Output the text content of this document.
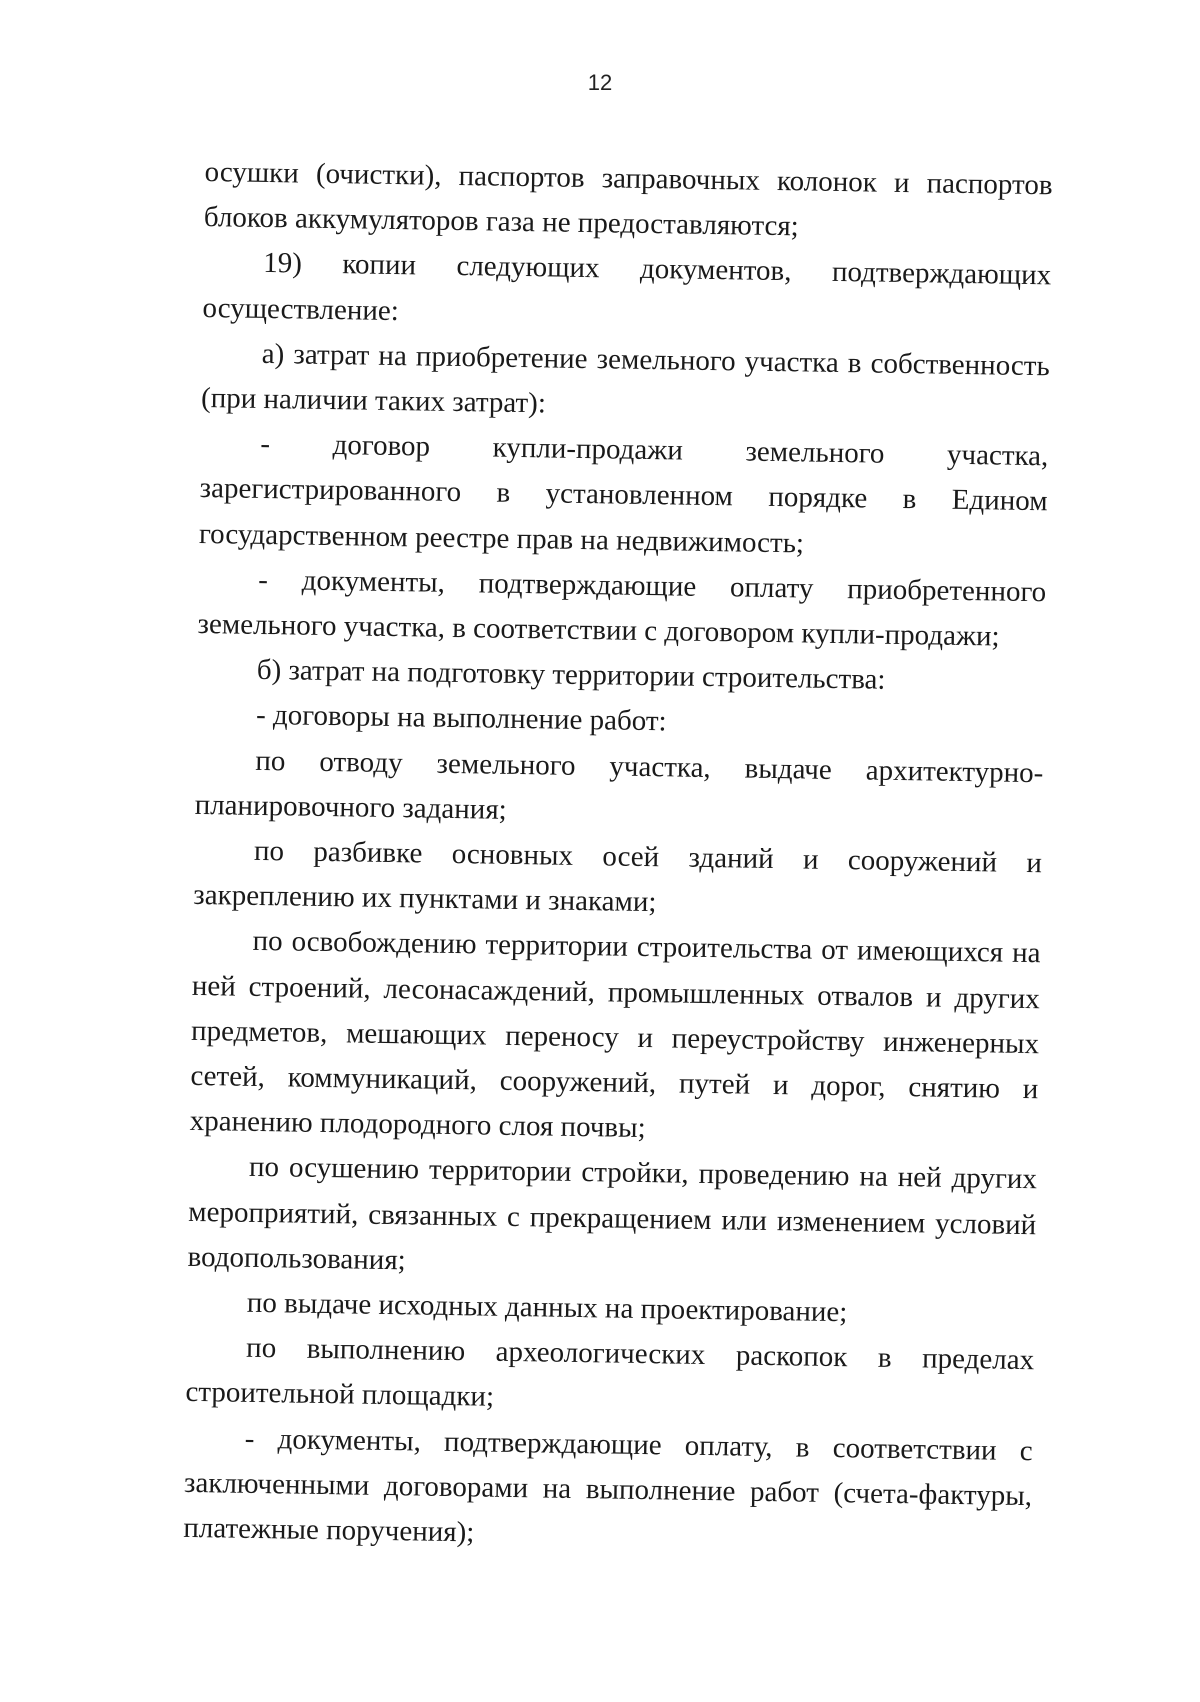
12

осушки (очистки), паспортов заправочных колонок и паспортов блоков аккумуляторов газа не предоставляются;

19) копии следующих документов, подтверждающих осуществление:

а) затрат на приобретение земельного участка в собственность (при наличии таких затрат):

- договор купли-продажи земельного участка, зарегистрированного в установленном порядке в Едином государственном реестре прав на недвижимость;

- документы, подтверждающие оплату приобретенного земельного участка, в соответствии с договором купли-продажи;

б) затрат на подготовку территории строительства:

- договоры на выполнение работ:

по отводу земельного участка, выдаче архитектурно-планировочного задания;

по разбивке основных осей зданий и сооружений и закреплению их пунктами и знаками;

по освобождению территории строительства от имеющихся на ней строений, лесонасаждений, промышленных отвалов и других предметов, мешающих переносу и переустройству инженерных сетей, коммуникаций, сооружений, путей и дорог, снятию и хранению плодородного слоя почвы;

по осушению территории стройки, проведению на ней других мероприятий, связанных с прекращением или изменением условий водопользования;

по выдаче исходных данных на проектирование;

по выполнению археологических раскопок в пределах строительной площадки;

- документы, подтверждающие оплату, в соответствии с заключенными договорами на выполнение работ (счета-фактуры, платежные поручения);
